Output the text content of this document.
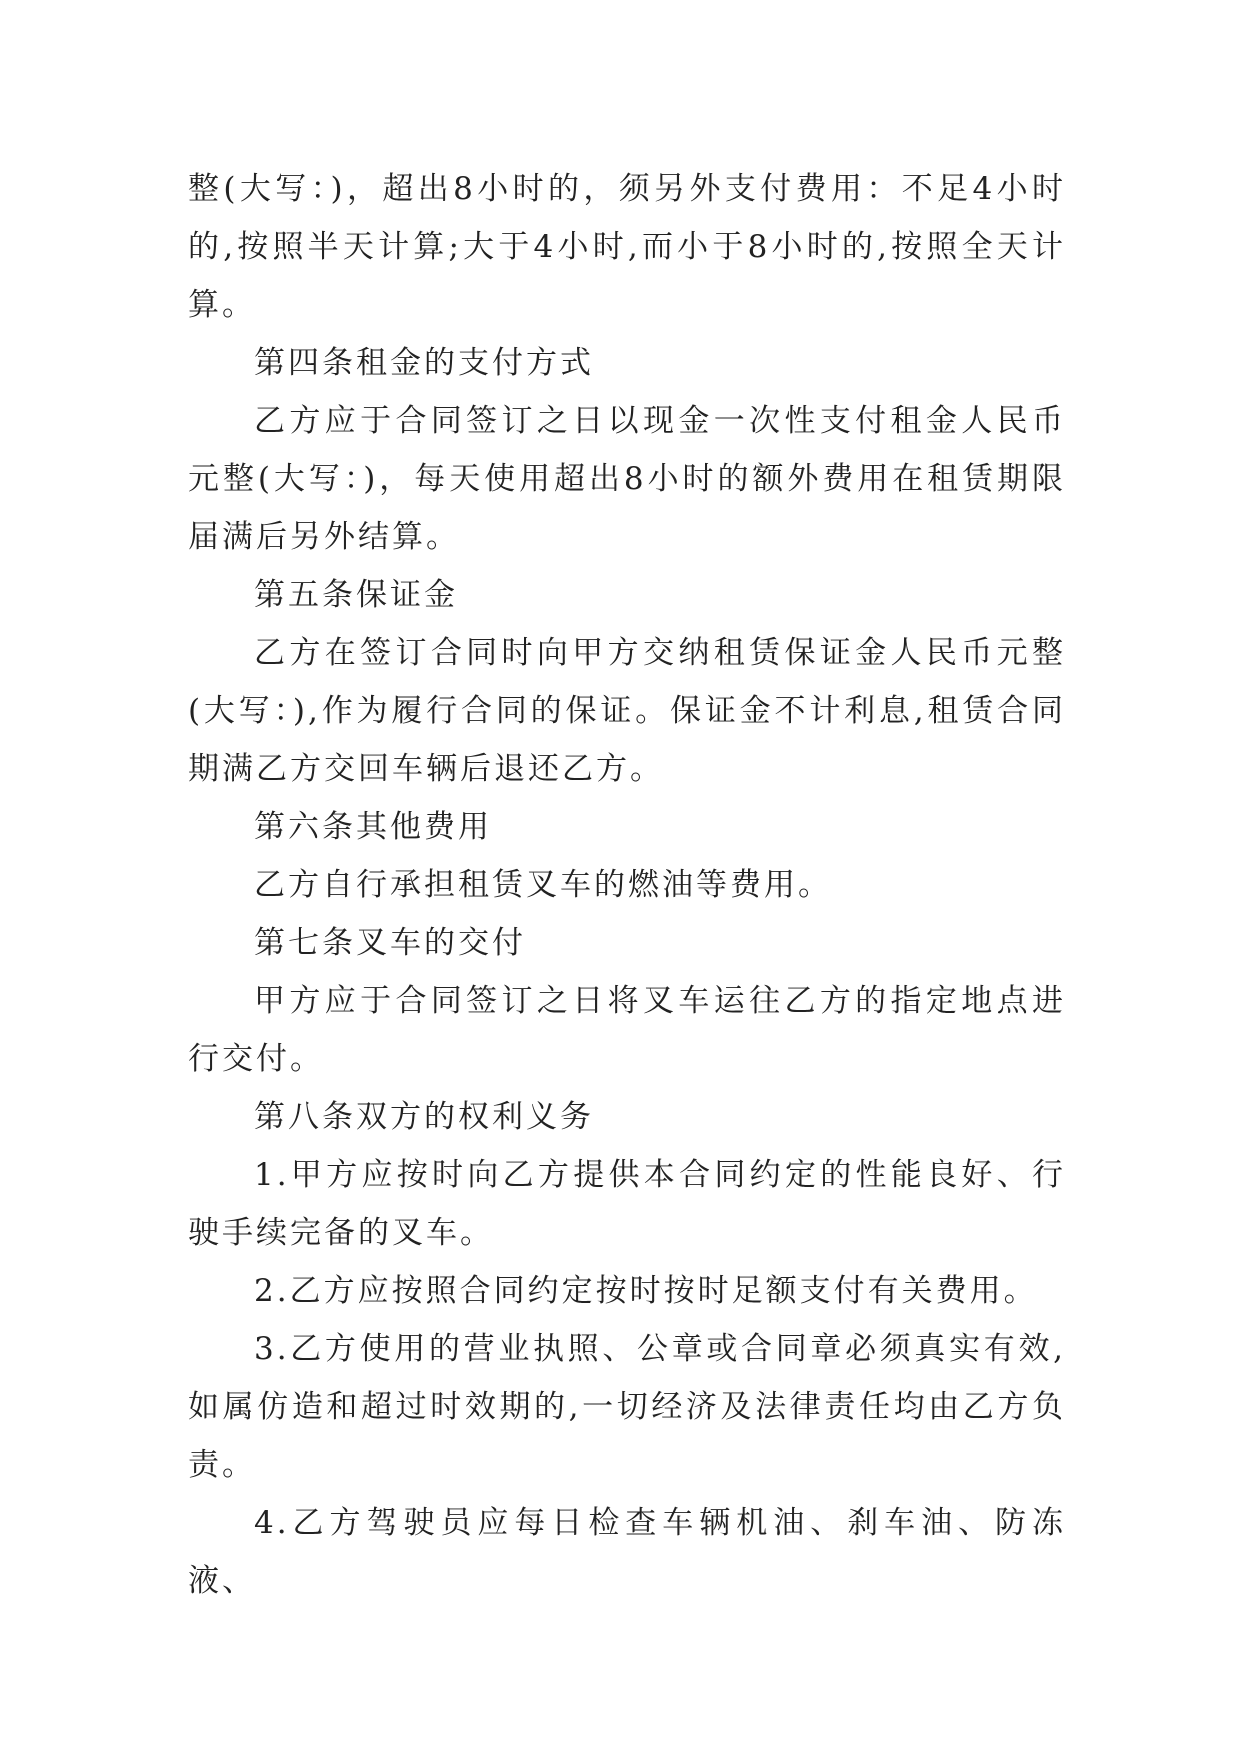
整(大写：)，超出8小时的，须另外支付费用：不足4小时的,按照半天计算;大于4小时,而小于8小时的,按照全天计算。

第四条租金的支付方式

乙方应于合同签订之日以现金一次性支付租金人民币元整(大写：)，每天使用超出8小时的额外费用在租赁期限届满后另外结算。

第五条保证金

乙方在签订合同时向甲方交纳租赁保证金人民币元整(大写：),作为履行合同的保证。保证金不计利息,租赁合同期满乙方交回车辆后退还乙方。

第六条其他费用

乙方自行承担租赁叉车的燃油等费用。

第七条叉车的交付

甲方应于合同签订之日将叉车运往乙方的指定地点进行交付。

第八条双方的权利义务

1.甲方应按时向乙方提供本合同约定的性能良好、行驶手续完备的叉车。

2.乙方应按照合同约定按时按时足额支付有关费用。

3.乙方使用的营业执照、公章或合同章必须真实有效,如属仿造和超过时效期的,一切经济及法律责任均由乙方负责。

4.乙方驾驶员应每日检查车辆机油、刹车油、防冻液、
